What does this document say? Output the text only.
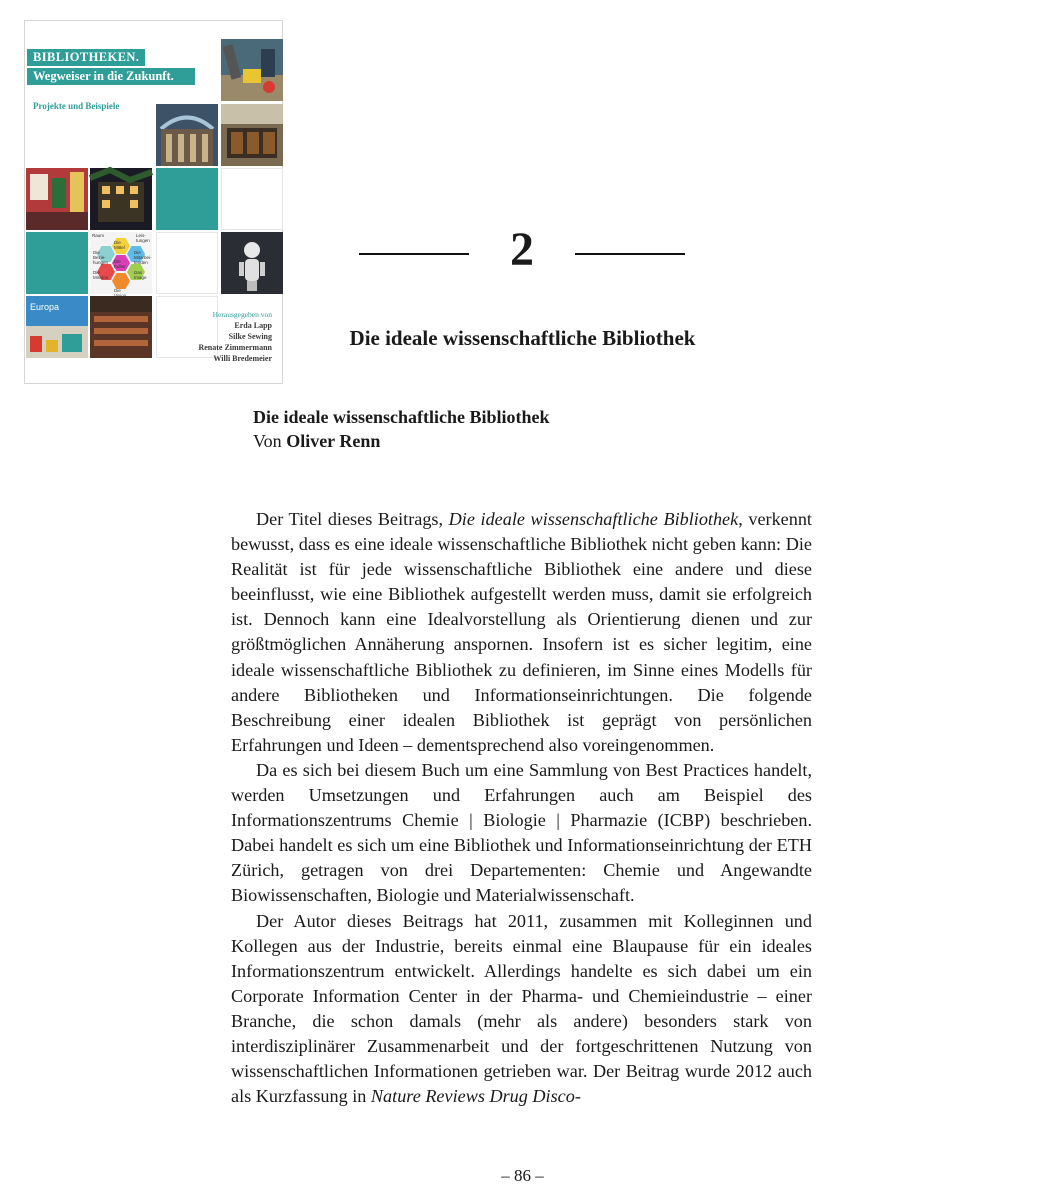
BIBLIOTHEKEN.
Wegweiser in die Zukunft.
Projekte und Beispiele
Raum
Die Mittel
Leis-tungen
Die Bezie-hungen	Die Kultur
Die Mitarbei-tenden
Die Mission
Das Image
Die
Europa
Herausgegeben von
Erda Lapp
Silke Sewing
Renate Zimmermann
Willi Bredemeier
2
Die ideale wissenschaftliche Bibliothek
Die ideale wissenschaftliche Bibliothek
Von Oliver Renn

Der Titel dieses Beitrags, Die ideale wissenschaftliche Bibliothek, verkennt bewusst, dass es eine ideale wissenschaftliche Bibliothek nicht geben kann: Die Realität ist für jede wissenschaftliche Bibliothek eine andere und diese beeinflusst, wie eine Bibliothek aufgestellt werden muss, damit sie erfolgreich ist. Dennoch kann eine Idealvorstellung als Orientierung dienen und zur größtmöglichen Annäherung anspornen. Insofern ist es sicher legitim, eine ideale wissenschaftliche Bibliothek zu definieren, im Sinne eines Modells für andere Bibliotheken und Informationseinrichtungen. Die folgende Beschreibung einer idealen Bibliothek ist geprägt von persönlichen Erfahrungen und Ideen – dementsprechend also voreingenommen.

Da es sich bei diesem Buch um eine Sammlung von Best Practices handelt, werden Umsetzungen und Erfahrungen auch am Beispiel des Informationszentrums Chemie | Biologie | Pharmazie (ICBP) beschrieben. Dabei handelt es sich um eine Bibliothek und Informationseinrichtung der ETH Zürich, getragen von drei Departementen: Chemie und Angewandte Biowissenschaften, Biologie und Materialwissenschaft.

Der Autor dieses Beitrags hat 2011, zusammen mit Kolleginnen und Kollegen aus der Industrie, bereits einmal eine Blaupause für ein ideales Informationszentrum entwickelt. Allerdings handelte es sich dabei um ein Corporate Information Center in der Pharma- und Chemieindustrie – einer Branche, die schon damals (mehr als andere) besonders stark von interdisziplinärer Zusammenarbeit und der fortgeschrittenen Nutzung von wissenschaftlichen Informationen getrieben war. Der Beitrag wurde 2012 auch als Kurzfassung in Nature Reviews Drug Disco-

– 86 –
